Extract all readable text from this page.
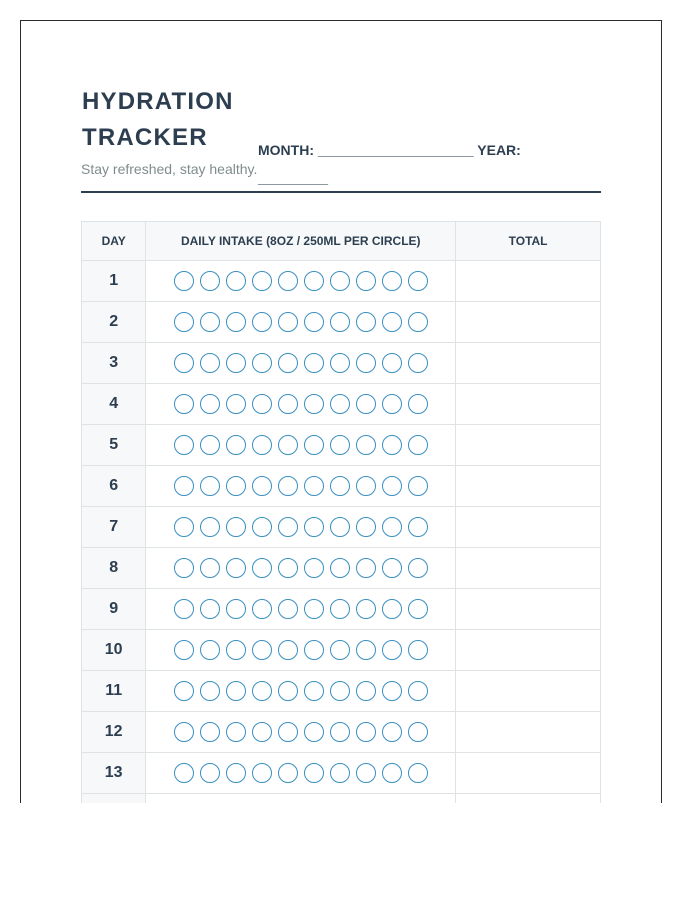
HYDRATION TRACKER
Stay refreshed, stay healthy.
MONTH: ____________________ YEAR: _________
DAY	DAILY INTAKE (8OZ / 250ML PER CIRCLE)	TOTAL
1	

2	

3	

4	

5	

6	

7	

8	

9	

10	

11	

12	

13	
